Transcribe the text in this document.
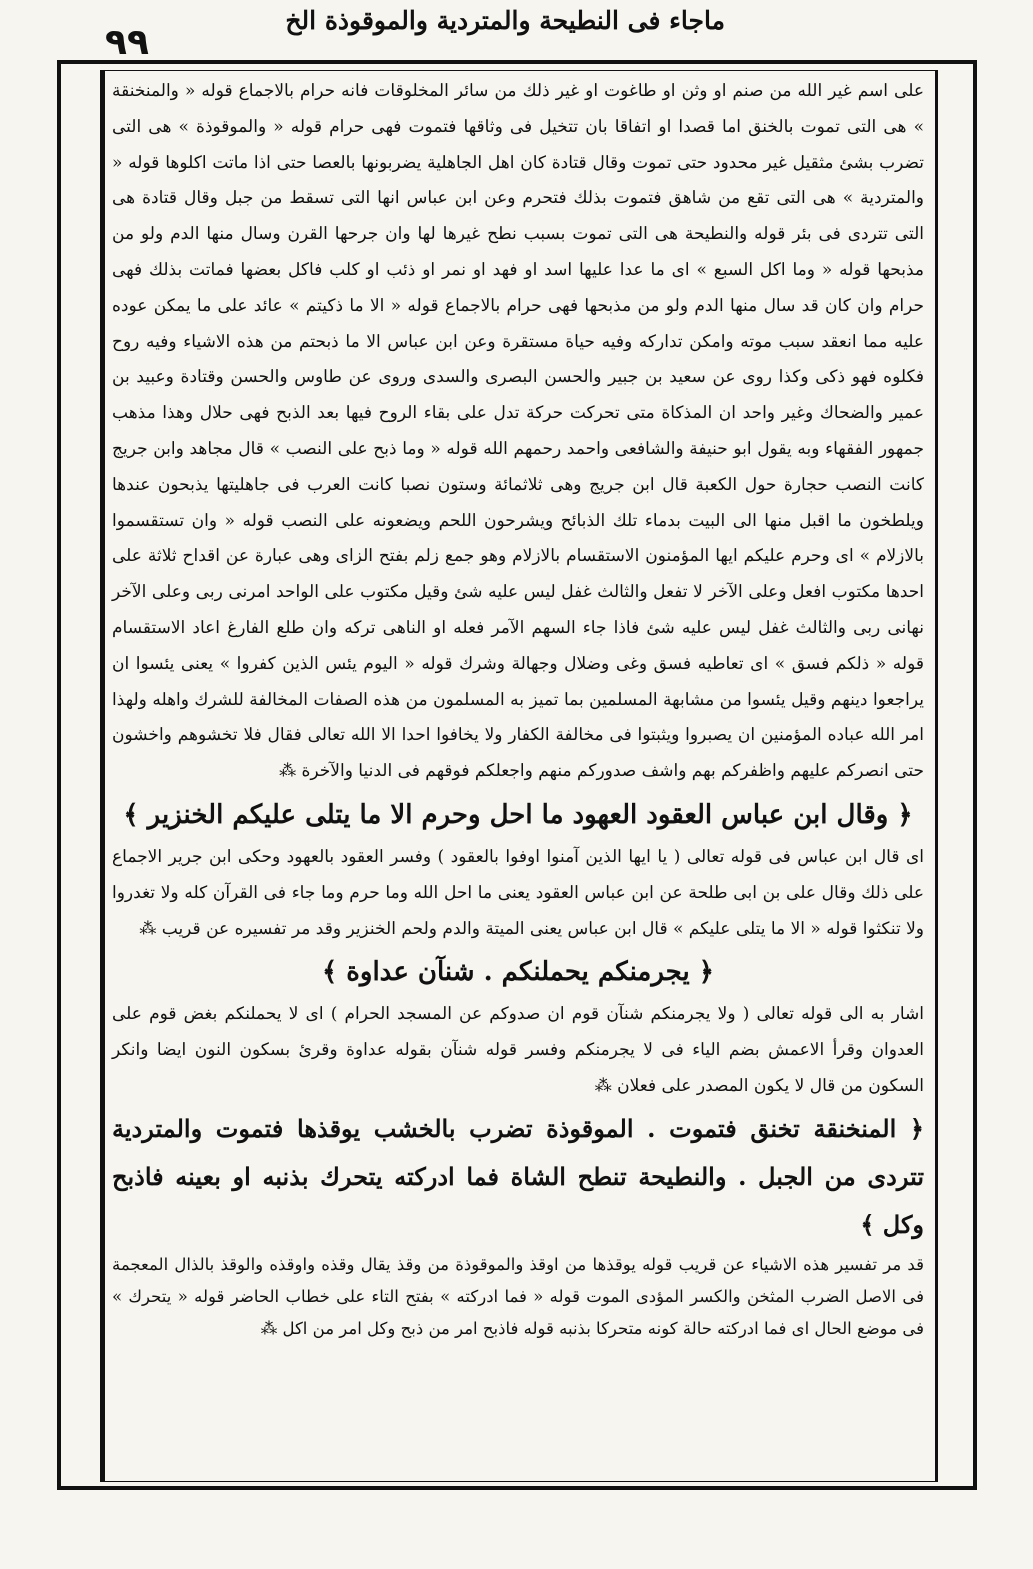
٩٩
ماجاء فى النطيحة والمتردية والموقوذة الخ

على اسم غير الله من صنم او وثن او طاغوت او غير ذلك من سائر المخلوقات فانه حرام بالاجماع قوله « والمنخنقة » هى التى تموت بالخنق اما قصدا او اتفاقا بان تتخيل فى وثاقها فتموت فهى حرام قوله « والموقوذة » هى التى تضرب بشئ مثقيل غير محدود حتى تموت وقال قتادة كان اهل الجاهلية يضربونها بالعصا حتى اذا ماتت اكلوها قوله « والمتردية » هى التى تقع من شاهق فتموت بذلك فتحرم وعن ابن عباس انها التى تسقط من جبل وقال قتادة هى التى تتردى فى بئر قوله والنطيحة هى التى تموت بسبب نطح غيرها لها وان جرحها القرن وسال منها الدم ولو من مذبحها قوله « وما اكل السبع » اى ما عدا عليها اسد او فهد او نمر او ذئب او كلب فاكل بعضها فماتت بذلك فهى حرام وان كان قد سال منها الدم ولو من مذبحها فهى حرام بالاجماع قوله « الا ما ذكيتم » عائد على ما يمكن عوده عليه مما انعقد سبب موته وامكن تداركه وفيه حياة مستقرة وعن ابن عباس الا ما ذبحتم من هذه الاشياء وفيه روح فكلوه فهو ذكى وكذا روى عن سعيد بن جبير والحسن البصرى والسدى وروى عن طاوس والحسن وقتادة وعبيد بن عمير والضحاك وغير واحد ان المذكاة متى تحركت حركة تدل على بقاء الروح فيها بعد الذبح فهى حلال وهذا مذهب جمهور الفقهاء وبه يقول ابو حنيفة والشافعى واحمد رحمهم الله قوله « وما ذبح على النصب » قال مجاهد وابن جريج كانت النصب حجارة حول الكعبة قال ابن جريج وهى ثلاثمائة وستون نصبا كانت العرب فى جاهليتها يذبحون عندها ويلطخون ما اقبل منها الى البيت بدماء تلك الذبائح ويشرحون اللحم ويضعونه على النصب قوله « وان تستقسموا بالازلام » اى وحرم عليكم ايها المؤمنون الاستقسام بالازلام وهو جمع زلم بفتح الزاى وهى عبارة عن اقداح ثلاثة على احدها مكتوب افعل وعلى الآخر لا تفعل والثالث غفل ليس عليه شئ وقيل مكتوب على الواحد امرنى ربى وعلى الآخر نهانى ربى والثالث غفل ليس عليه شئ فاذا جاء السهم الآمر فعله او الناهى تركه وان طلع الفارغ اعاد الاستقسام قوله « ذلكم فسق » اى تعاطيه فسق وغى وضلال وجهالة وشرك قوله « اليوم يئس الذين كفروا » يعنى يئسوا ان يراجعوا دينهم وقيل يئسوا من مشابهة المسلمين بما تميز به المسلمون من هذه الصفات المخالفة للشرك واهله ولهذا امر الله عباده المؤمنين ان يصبروا ويثبتوا فى مخالفة الكفار ولا يخافوا احدا الا الله تعالى فقال فلا تخشوهم واخشون حتى انصركم عليهم واظفركم بهم واشف صدوركم منهم واجعلكم فوقهم فى الدنيا والآخرة ⁂

﴿ وقال ابن عباس العقود العهود ما احل وحرم الا ما يتلى عليكم الخنزير ﴾

اى قال ابن عباس فى قوله تعالى ( يا ايها الذين آمنوا اوفوا بالعقود ) وفسر العقود بالعهود وحكى ابن جرير الاجماع على ذلك وقال على بن ابى طلحة عن ابن عباس العقود يعنى ما احل الله وما حرم وما جاء فى القرآن كله ولا تغدروا ولا تنكثوا قوله « الا ما يتلى عليكم » قال ابن عباس يعنى الميتة والدم ولحم الخنزير وقد مر تفسيره عن قريب ⁂

﴿ يجرمنكم يحملنكم . شنآن عداوة ﴾

اشار به الى قوله تعالى ( ولا يجرمنكم شنآن قوم ان صدوكم عن المسجد الحرام ) اى لا يحملنكم بغض قوم على العدوان وقرأ الاعمش بضم الياء فى لا يجرمنكم وفسر قوله شنآن بقوله عداوة وقرئ بسكون النون ايضا وانكر السكون من قال لا يكون المصدر على فعلان ⁂

﴿ المنخنقة تخنق فتموت . الموقوذة تضرب بالخشب يوقذها فتموت والمتردية تتردى من الجبل . والنطيحة تنطح الشاة فما ادركته يتحرك بذنبه او بعينه فاذبح وكل ﴾

قد مر تفسير هذه الاشياء عن قريب قوله يوقذها من اوقذ والموقوذة من وقذ يقال وقذه واوقذه والوقذ بالذال المعجمة فى الاصل الضرب المثخن والكسر المؤدى الموت قوله « فما ادركته » بفتح التاء على خطاب الحاضر قوله « يتحرك » فى موضع الحال اى فما ادركته حالة كونه متحركا بذنبه قوله فاذبح امر من ذبح وكل امر من اكل ⁂
